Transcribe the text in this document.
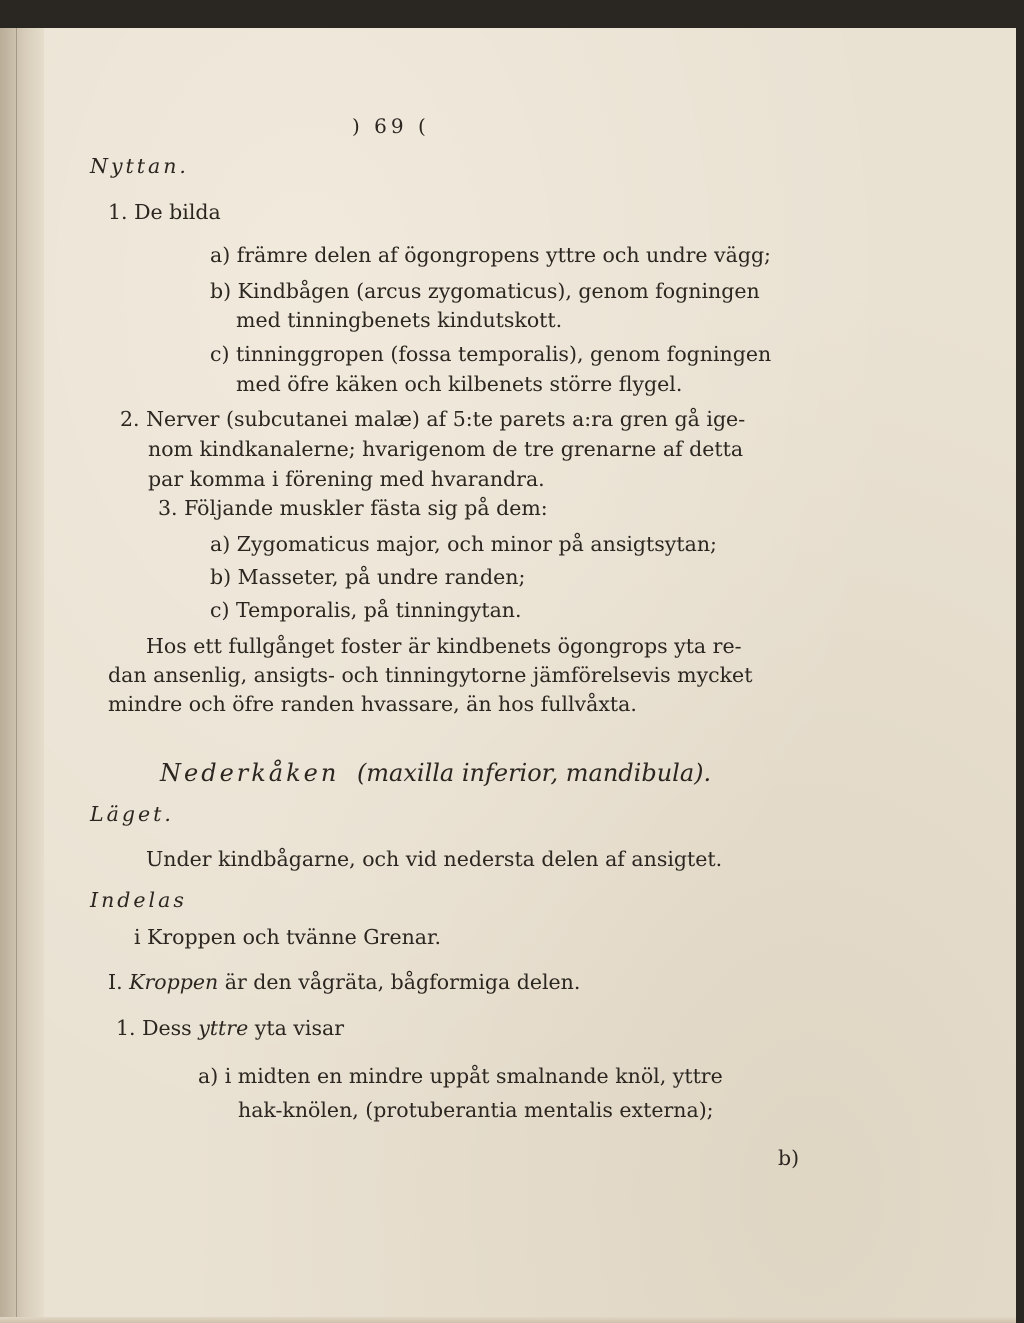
) 69 (

Nyttan.

1. De bilda

a) främre delen af ögongropens yttre och undre vägg;

b) Kindbågen (arcus zygomaticus), genom fogningen

med tinningbenets kindutskott.

c) tinninggropen (fossa temporalis), genom fogningen

med öfre käken och kilbenets större flygel.

2. Nerver (subcutanei malæ) af 5:te parets a:ra gren gå ige-

nom kindkanalerne; hvarigenom de tre grenarne af detta

par komma i förening med hvarandra.

3. Följande muskler fästa sig på dem:

a) Zygomaticus major, och minor på ansigtsytan;

b) Masseter, på undre randen;

c) Temporalis, på tinningytan.

Hos ett fullgånget foster är kindbenets ögongrops yta re-

dan ansenlig, ansigts- och tinningytorne jämförelsevis mycket

mindre och öfre randen hvassare, än hos fullvåxta.

Nederkåken (maxilla inferior, mandibula).

Läget.

Under kindbågarne, och vid nedersta delen af ansigtet.

Indelas

i Kroppen och tvänne Grenar.

I. Kroppen är den vågräta, bågformiga delen.

1. Dess yttre yta visar

a) i midten en mindre uppåt smalnande knöl, yttre

hak-knölen, (protuberantia mentalis externa);

b)
